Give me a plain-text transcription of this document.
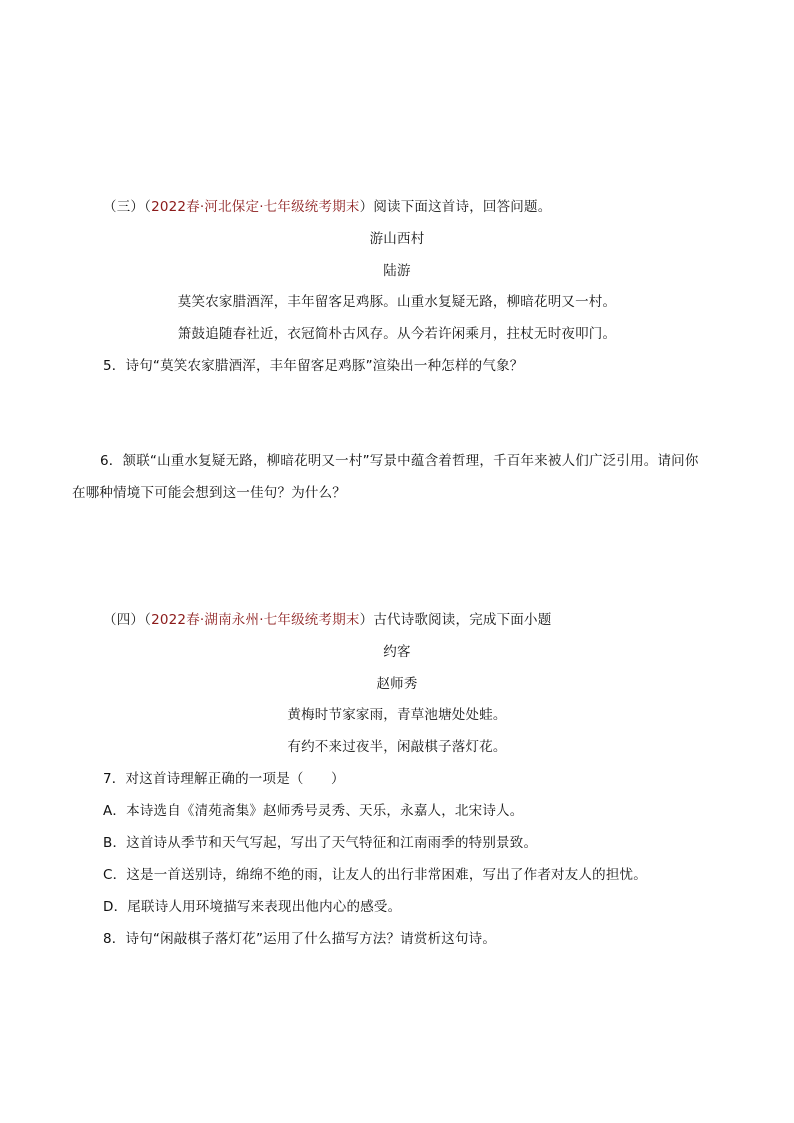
（三）（2022春·河北保定·七年级统考期末）阅读下面这首诗，回答问题。
游山西村
陆游
莫笑农家腊酒浑，丰年留客足鸡豚。山重水复疑无路，柳暗花明又一村。
箫鼓追随春社近，衣冠简朴古风存。从今若许闲乘月，拄杖无时夜叩门。
5．诗句“莫笑农家腊酒浑，丰年留客足鸡豚”渲染出一种怎样的气象？
6．颔联“山重水复疑无路，柳暗花明又一村”写景中蕴含着哲理，千百年来被人们广泛引用。请问你
在哪种情境下可能会想到这一佳句？为什么？
（四）（2022春·湖南永州·七年级统考期末）古代诗歌阅读，完成下面小题
约客
赵师秀
黄梅时节家家雨，青草池塘处处蛙。
有约不来过夜半，闲敲棋子落灯花。
7．对这首诗理解正确的一项是（　　）
A．本诗选自《清苑斋集》赵师秀号灵秀、天乐，永嘉人，北宋诗人。
B．这首诗从季节和天气写起，写出了天气特征和江南雨季的特别景致。
C．这是一首送别诗，绵绵不绝的雨，让友人的出行非常困难，写出了作者对友人的担忧。
D．尾联诗人用环境描写来表现出他内心的感受。
8．诗句“闲敲棋子落灯花”运用了什么描写方法？请赏析这句诗。
